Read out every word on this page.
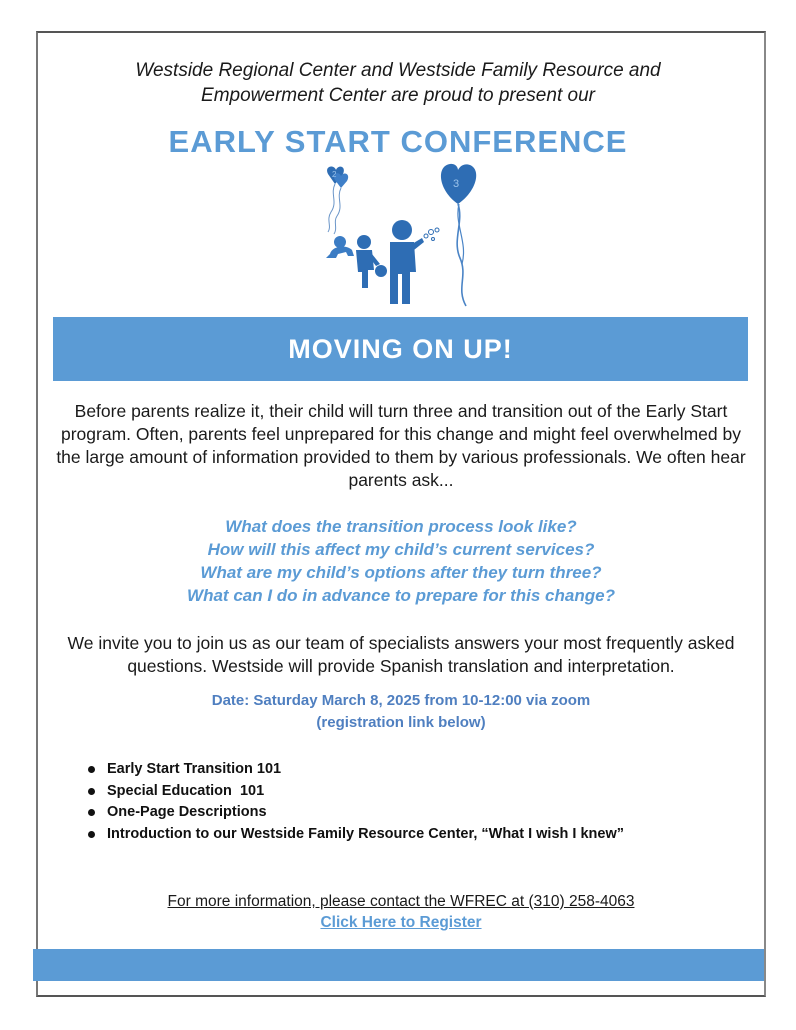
Westside Regional Center and Westside Family Resource and
Empowerment Center are proud to present our
EARLY START CONFERENCE
2
3
MOVING ON UP!
Before parents realize it, their child will turn three and transition out of the Early Start program. Often, parents feel unprepared for this change and might feel overwhelmed by the large amount of information provided to them by various professionals. We often hear parents ask...
What does the transition process look like?
How will this affect my child’s current services?
What are my child’s options after they turn three?
What can I do in advance to prepare for this change?
We invite you to join us as our team of specialists answers your most frequently asked questions. Westside will provide Spanish translation and interpretation.
Date: Saturday March 8, 2025 from 10-12:00 via zoom
(registration link below)
Early Start Transition 101
Special Education  101
One-Page Descriptions
Introduction to our Westside Family Resource Center, “What I wish I knew”
For more information, please contact the WFREC at (310) 258-4063
Click Here to Register
